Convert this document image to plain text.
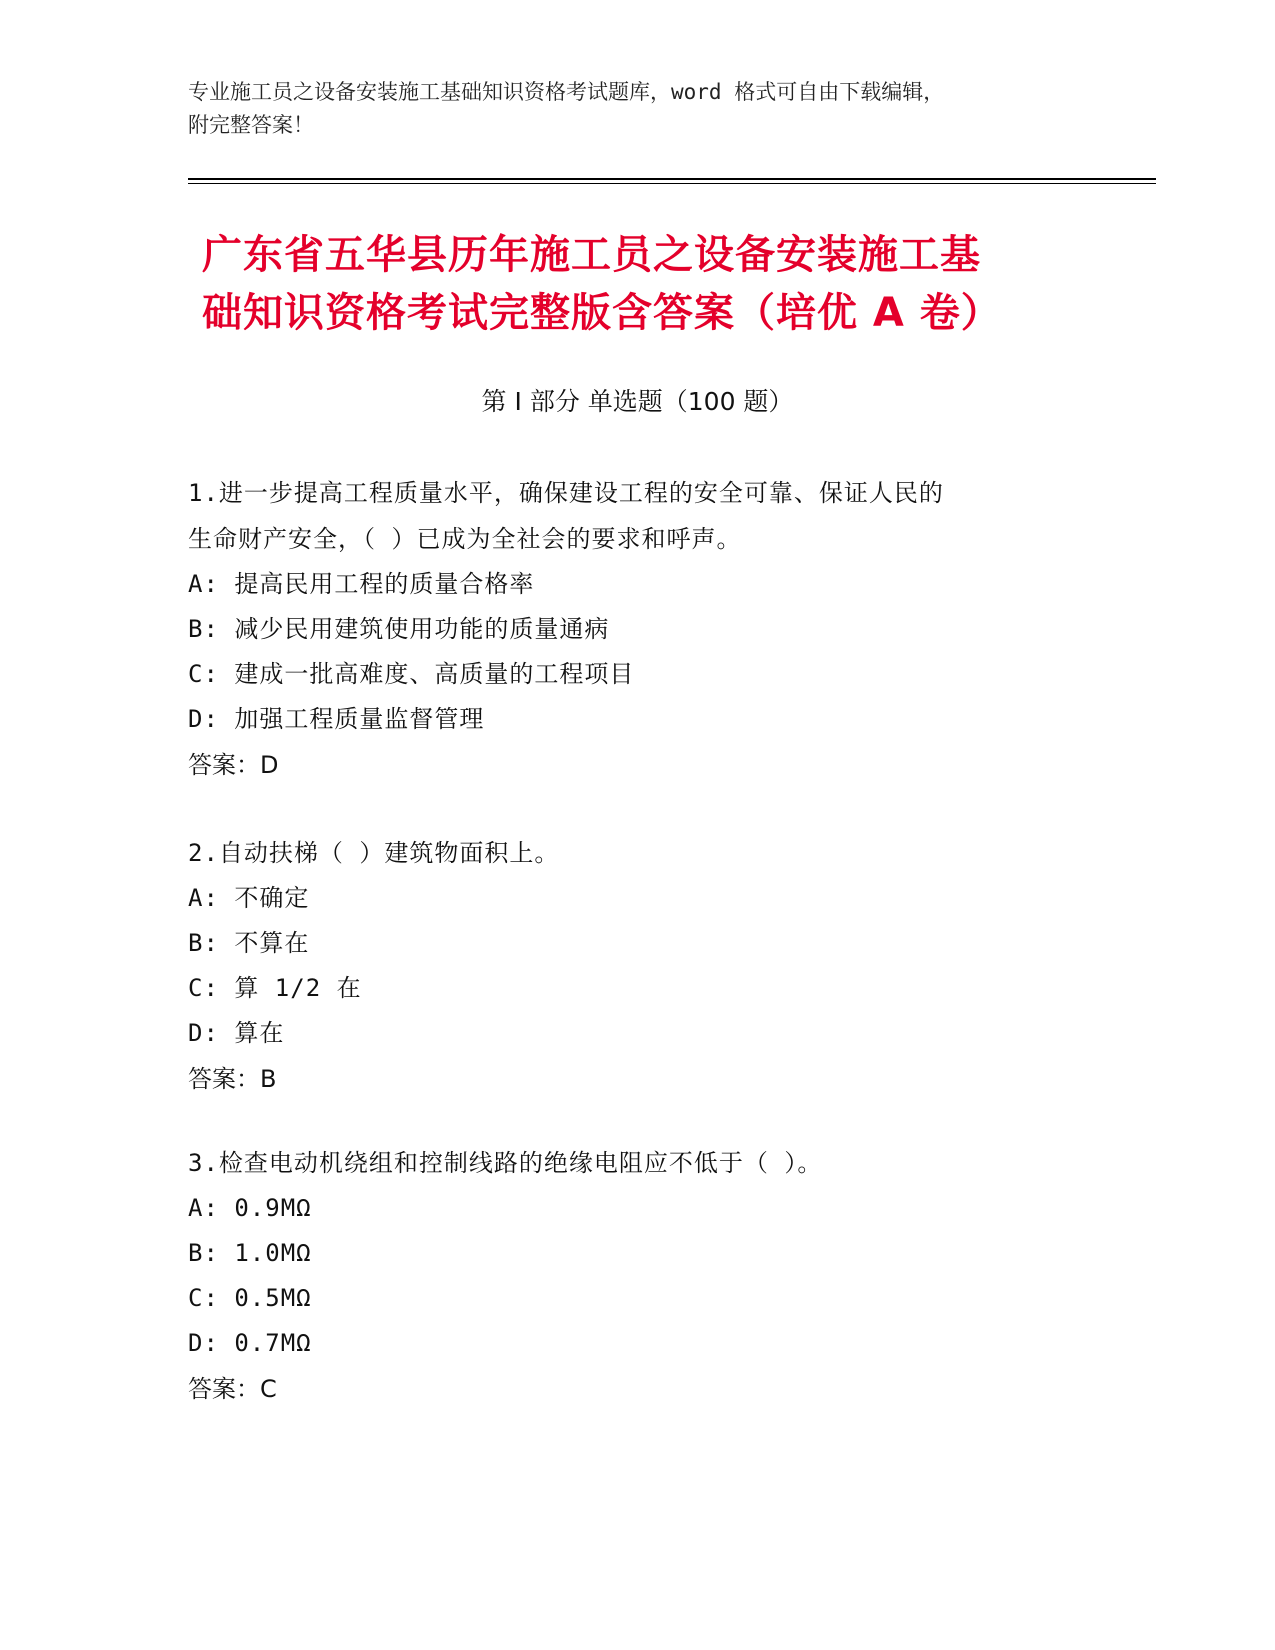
专业施工员之设备安装施工基础知识资格考试题库，word 格式可自由下载编辑，
附完整答案！
广东省五华县历年施工员之设备安装施工基
础知识资格考试完整版含答案（培优 A 卷）
第 I 部分 单选题（100 题）
1.进一步提高工程质量水平，确保建设工程的安全可靠、保证人民的
生命财产安全，（ ）已成为全社会的要求和呼声。
A: 提高民用工程的质量合格率
B: 减少民用建筑使用功能的质量通病
C: 建成一批高难度、高质量的工程项目
D: 加强工程质量监督管理
答案：D
2.自动扶梯（ ）建筑物面积上。
A: 不确定
B: 不算在
C: 算 1/2 在
D: 算在
答案：B
3.检查电动机绕组和控制线路的绝缘电阻应不低于（ ）。
A: 0.9MΩ
B: 1.0MΩ
C: 0.5MΩ
D: 0.7MΩ
答案：C
